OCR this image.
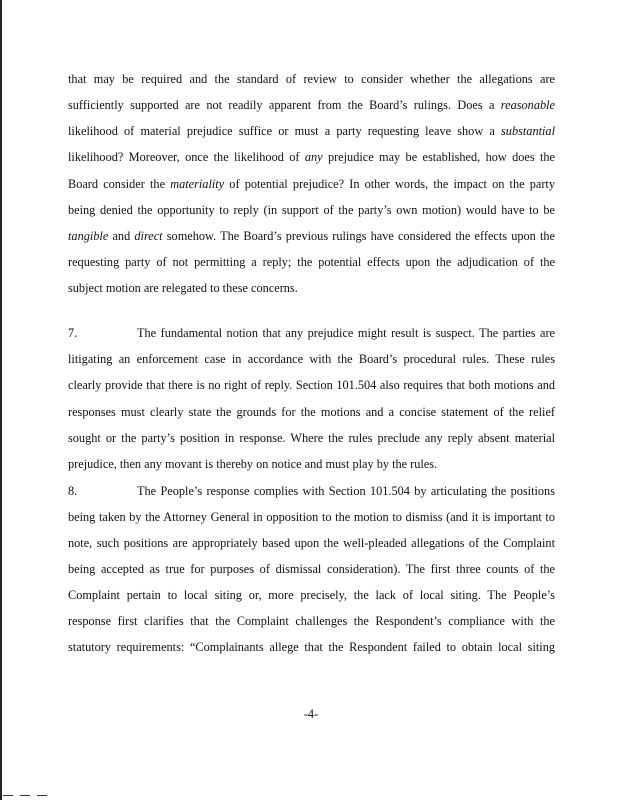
that may be required and the standard of review to consider whether the allegations are
sufficiently supported are not readily apparent from the Board’s rulings. Does a reasonable
likelihood of material prejudice suffice or must a party requesting leave show a substantial
likelihood? Moreover, once the likelihood of any prejudice may be established, how does the
Board consider the materiality of potential prejudice? In other words, the impact on the party
being denied the opportunity to reply (in support of the party’s own motion) would have to be
tangible and direct somehow. The Board’s previous rulings have considered the effects upon the
requesting party of not permitting a reply; the potential effects upon the adjudication of the
subject motion are relegated to these concerns.
7.	The fundamental notion that any prejudice might result is suspect. The parties are
litigating an enforcement case in accordance with the Board’s procedural rules. These rules
clearly provide that there is no right of reply. Section 101.504 also requires that both motions and
responses must clearly state the grounds for the motions and a concise statement of the relief
sought or the party’s position in response. Where the rules preclude any reply absent material
prejudice, then any movant is thereby on notice and must play by the rules.
8.	The People’s response complies with Section 101.504 by articulating the positions
being taken by the Attorney General in opposition to the motion to dismiss (and it is important to
note, such positions are appropriately based upon the well-pleaded allegations of the Complaint
being accepted as true for purposes of dismissal consideration). The first three counts of the
Complaint pertain to local siting or, more precisely, the lack of local siting. The People’s
response first clarifies that the Complaint challenges the Respondent’s compliance with the
statutory requirements: “Complainants allege that the Respondent failed to obtain local siting
-4-
